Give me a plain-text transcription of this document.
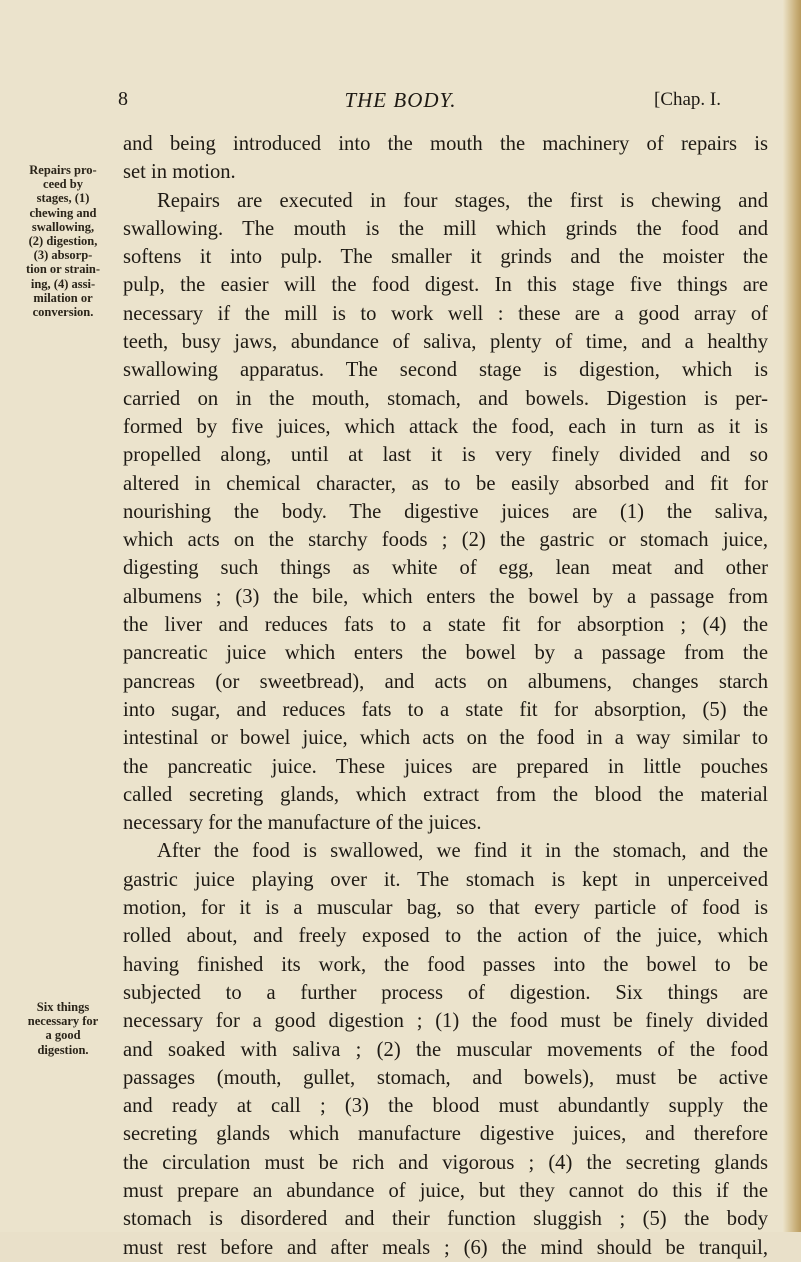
THE BODY.
8	[Chap. I.
Repairs pro-
ceed by
stages, (1)
chewing and
swallowing,
(2) digestion,
(3) absorp-
tion or strain-
ing, (4) assi-
milation or
conversion.
Six things
necessary for
a good
digestion.
and being introduced into the mouth the machinery of repairs is
set in motion.
Repairs are executed in four stages, the first is chewing and
swallowing. The mouth is the mill which grinds the food and
softens it into pulp. The smaller it grinds and the moister the
pulp, the easier will the food digest. In this stage five things are
necessary if the mill is to work well : these are a good array of
teeth, busy jaws, abundance of saliva, plenty of time, and a healthy
swallowing apparatus. The second stage is digestion, which is
carried on in the mouth, stomach, and bowels. Digestion is per-
formed by five juices, which attack the food, each in turn as it is
propelled along, until at last it is very finely divided and so
altered in chemical character, as to be easily absorbed and fit for
nourishing the body. The digestive juices are (1) the saliva,
which acts on the starchy foods ; (2) the gastric or stomach juice,
digesting such things as white of egg, lean meat and other
albumens ; (3) the bile, which enters the bowel by a passage from
the liver and reduces fats to a state fit for absorption ; (4) the
pancreatic juice which enters the bowel by a passage from the
pancreas (or sweetbread), and acts on albumens, changes starch
into sugar, and reduces fats to a state fit for absorption, (5) the
intestinal or bowel juice, which acts on the food in a way similar to
the pancreatic juice. These juices are prepared in little pouches
called secreting glands, which extract from the blood the material
necessary for the manufacture of the juices.
After the food is swallowed, we find it in the stomach, and the
gastric juice playing over it. The stomach is kept in unperceived
motion, for it is a muscular bag, so that every particle of food is
rolled about, and freely exposed to the action of the juice, which
having finished its work, the food passes into the bowel to be
subjected to a further process of digestion. Six things are
necessary for a good digestion ; (1) the food must be finely divided
and soaked with saliva ; (2) the muscular movements of the food
passages (mouth, gullet, stomach, and bowels), must be active
and ready at call ; (3) the blood must abundantly supply the
secreting glands which manufacture digestive juices, and therefore
the circulation must be rich and vigorous ; (4) the secreting glands
must prepare an abundance of juice, but they cannot do this if the
stomach is disordered and their function sluggish ; (5) the body
must rest before and after meals ; (6) the mind should be tranquil,
